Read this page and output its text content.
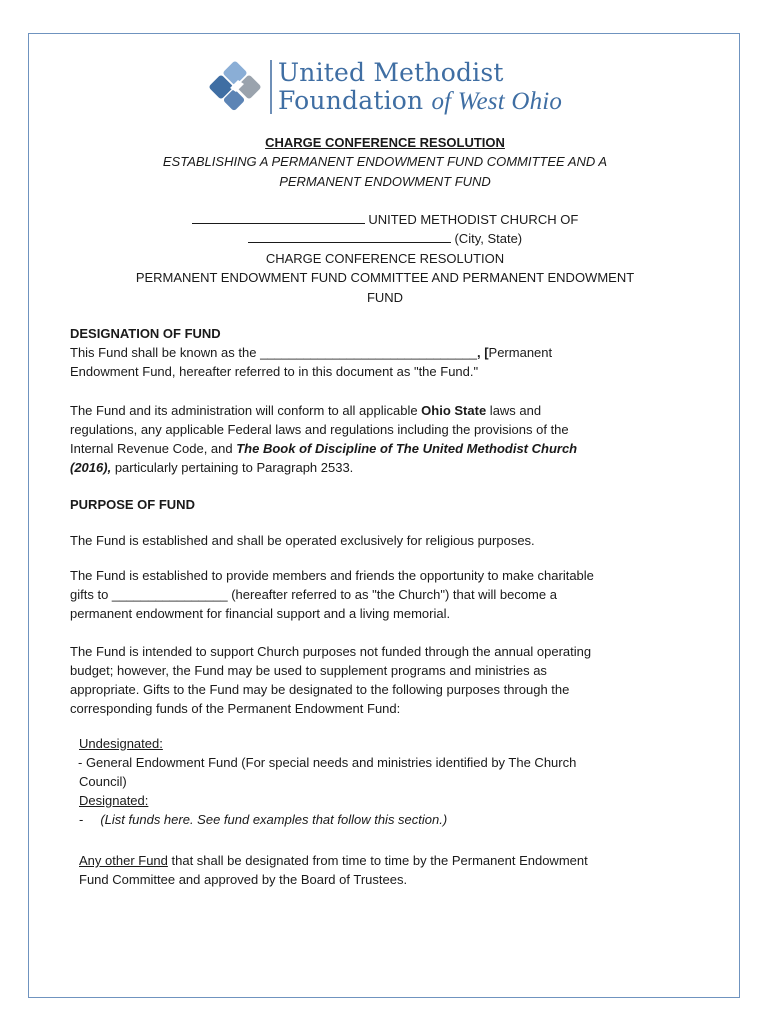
United Methodist
Foundation of West Ohio
CHARGE CONFERENCE RESOLUTION
ESTABLISHING A PERMANENT ENDOWMENT FUND COMMITTEE AND A
PERMANENT ENDOWMENT FUND
UNITED METHODIST CHURCH OF
(City, State)
CHARGE CONFERENCE RESOLUTION
PERMANENT ENDOWMENT FUND COMMITTEE AND PERMANENT ENDOWMENT
FUND

DESIGNATION OF FUND

This Fund shall be known as the ______________________________, [Permanent

Endowment Fund, hereafter referred to in this document as "the Fund."

The Fund and its administration will conform to all applicable Ohio State laws and

regulations, any applicable Federal laws and regulations including the provisions of the

Internal Revenue Code, and The Book of Discipline of The United Methodist Church

(2016), particularly pertaining to Paragraph 2533.

PURPOSE OF FUND

The Fund is established and shall be operated exclusively for religious purposes.

The Fund is established to provide members and friends the opportunity to make charitable

gifts to ________________ (hereafter referred to as "the Church") that will become a

permanent endowment for financial support and a living memorial.

The Fund is intended to support Church purposes not funded through the annual operating

budget; however, the Fund may be used to supplement programs and ministries as

appropriate. Gifts to the Fund may be designated to the following purposes through the

corresponding funds of the Permanent Endowment Fund:

Undesignated:

- General Endowment Fund (For special needs and ministries identified by The Church

Council)

Designated:

- (List funds here. See fund examples that follow this section.)

Any other Fund that shall be designated from time to time by the Permanent Endowment

Fund Committee and approved by the Board of Trustees.
